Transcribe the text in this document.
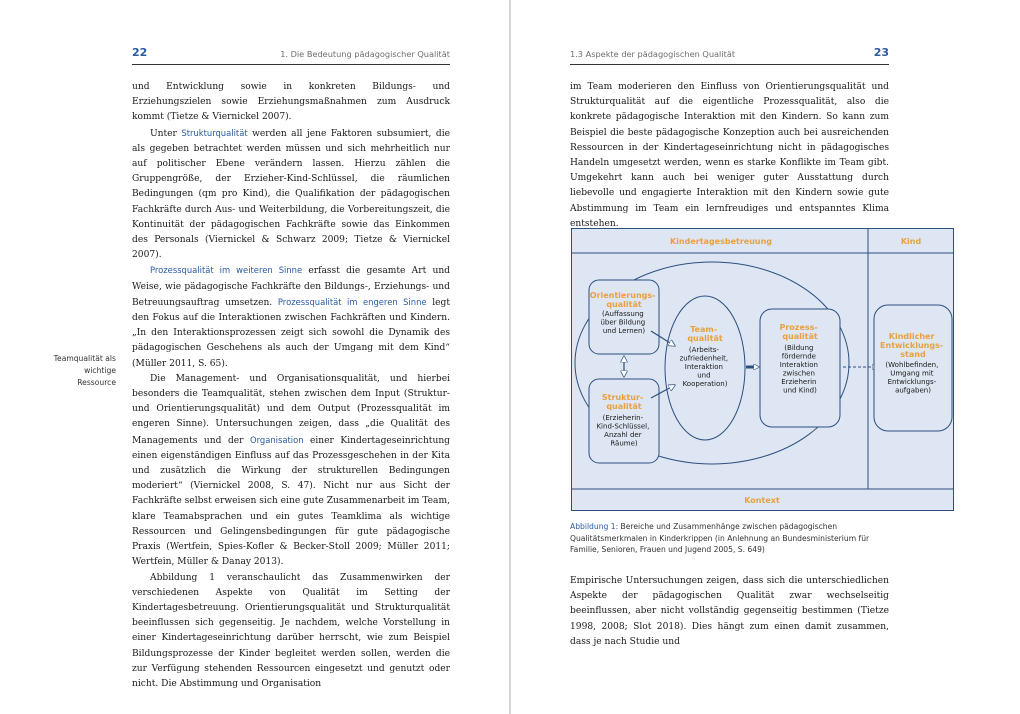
22	1. Die Bedeutung pädagogischer Qualität	1.3 Aspekte der pädagogischen Qualität	23
Teamqualität als wichtige Ressource

und Entwicklung sowie in konkreten Bildungs- und Erziehungszielen sowie Erziehungsmaßnahmen zum Ausdruck kommt (Tietze & Viernickel 2007).

Unter Strukturqualität werden all jene Faktoren subsumiert, die als gegeben betrachtet werden müssen und sich mehrheitlich nur auf politischer Ebene verändern lassen. Hierzu zählen die Gruppengröße, der Erzieher-Kind-Schlüssel, die räumlichen Bedingungen (qm pro Kind), die Qualifikation der pädagogischen Fachkräfte durch Aus- und Weiterbildung, die Vorbereitungszeit, die Kontinuität der pädagogischen Fachkräfte sowie das Einkommen des Personals (Viernickel & Schwarz 2009; Tietze & Viernickel 2007).

Prozessqualität im weiteren Sinne erfasst die gesamte Art und Weise, wie pädagogische Fachkräfte den Bildungs-, Erziehungs- und Betreuungsauftrag umsetzen. Prozessqualität im engeren Sinne legt den Fokus auf die Interaktionen zwischen Fachkräften und Kindern. „In den Interaktionsprozessen zeigt sich sowohl die Dynamik des pädagogischen Geschehens als auch der Umgang mit dem Kind“ (Müller 2011, S. 65).

Die Management- und Organisationsqualität, und hierbei besonders die Teamqualität, stehen zwischen dem Input (Struktur- und Orientierungsqualität) und dem Output (Prozessqualität im engeren Sinne). Untersuchungen zeigen, dass „die Qualität des Managements und der Organisation einer Kindertageseinrichtung einen eigenständigen Einfluss auf das Prozessgeschehen in der Kita und zusätzlich die Wirkung der strukturellen Bedingungen moderiert“ (Viernickel 2008, S. 47). Nicht nur aus Sicht der Fachkräfte selbst erweisen sich eine gute Zusammenarbeit im Team, klare Teamabsprachen und ein gutes Teamklima als wichtige Ressourcen und Gelingensbedingungen für gute pädagogische Praxis (Wertfein, Spies-Kofler & Becker-Stoll 2009; Müller 2011; Wertfein, Müller & Danay 2013).

Abbildung 1 veranschaulicht das Zusammenwirken der verschiedenen Aspekte von Qualität im Setting der Kindertagesbetreuung. Orientierungsqualität und Strukturqualität beeinflussen sich gegenseitig. Je nachdem, welche Vorstellung in einer Kindertageseinrichtung darüber herrscht, wie zum Beispiel Bildungsprozesse der Kinder begleitet werden sollen, werden die zur Verfügung stehenden Ressourcen eingesetzt und genutzt oder nicht. Die Abstimmung und Organisation

im Team moderieren den Einfluss von Orientierungsqualität und Strukturqualität auf die eigentliche Prozessqualität, also die konkrete pädagogische Interaktion mit den Kindern. So kann zum Beispiel die beste pädagogische Konzeption auch bei ausreichenden Ressourcen in der Kindertageseinrichtung nicht in pädagogisches Handeln umgesetzt werden, wenn es starke Konflikte im Team gibt. Umgekehrt kann auch bei weniger guter Ausstattung durch liebevolle und engagierte Interaktion mit den Kindern sowie gute Abstimmung im Team ein lernfreudiges und entspanntes Klima entstehen.

Kindertagesbetreuung	Kind
Kontext
Orientierungs- qualität
(Auffassung über Bildung und Lernen)
Struktur- qualität
(Erzieherin- Kind-Schlüssel, Anzahl der Räume)
Team- qualität
(Arbeits- zufriedenheit, Interaktion und Kooperation)
Prozess- qualität
(Bildung fördernde Interaktion zwischen Erzieherin und Kind)
Kindlicher Entwicklungs- stand
(Wohlbefinden, Umgang mit Entwicklungs- aufgaben)
Abbildung 1: Bereiche und Zusammenhänge zwischen pädagogischen Qualitätsmerkmalen in Kinderkrippen (in Anlehnung an Bundesministerium für Familie, Senioren, Frauen und Jugend 2005, S. 649)

Empirische Untersuchungen zeigen, dass sich die unterschiedlichen Aspekte der pädagogischen Qualität zwar wechselseitig beeinflussen, aber nicht vollständig gegenseitig bestimmen (Tietze 1998, 2008; Slot 2018). Dies hängt zum einen damit zusammen, dass je nach Studie und
